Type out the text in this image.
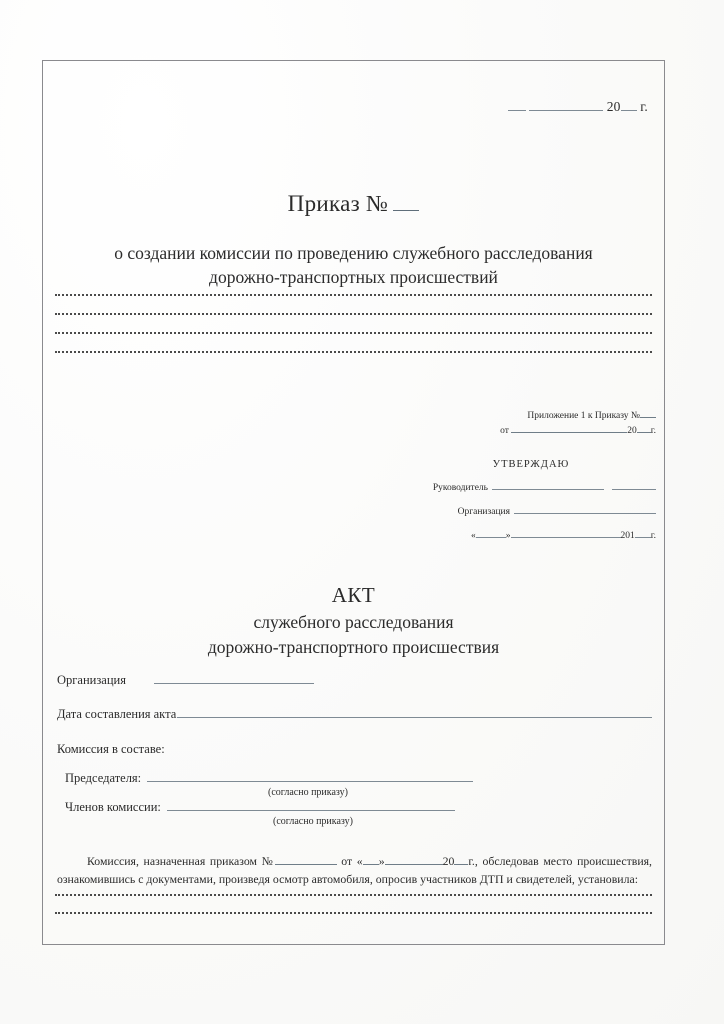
20 г.
Приказ №
о создании комиссии по проведению служебного расследования
дорожно-транспортных происшествий
Приложение 1 к Приказу №
от	20 г.
УТВЕРЖДАЮ
Руководитель
Организация
«	»	201 г.
АКТ
служебного расследования
дорожно-транспортного происшествия
Организация
Дата составления акта
Комиссия в составе:
Председателя:
(согласно приказу)
Членов комиссии:
(согласно приказу)
Комиссия, назначенная приказом №	от « »	20 г., обследовав место происшествия, ознакомившись с документами, произведя осмотр автомобиля, опросив участников ДТП и свидетелей, установила:
